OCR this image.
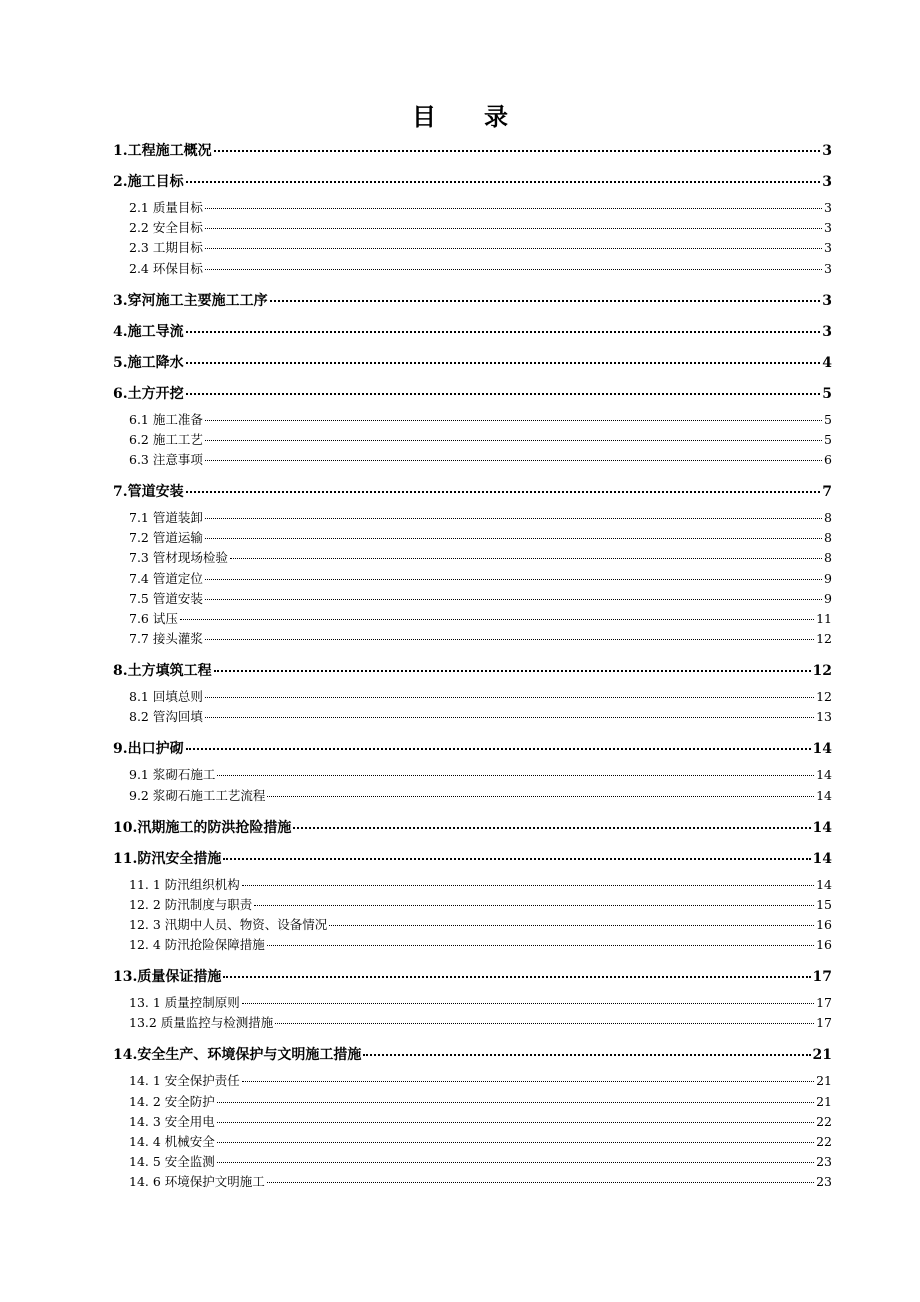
目 录
1.工程施工概况	3
2.施工目标	3
2.1 质量目标	3
2.2 安全目标	3
2.3 工期目标	3
2.4 环保目标	3
3.穿河施工主要施工工序	3
4.施工导流	3
5.施工降水	4
6.土方开挖	5
6.1 施工准备	5
6.2 施工工艺	5
6.3 注意事项	6
7.管道安装	7
7.1 管道装卸	8
7.2 管道运输	8
7.3 管材现场检验	8
7.4 管道定位	9
7.5 管道安装	9
7.6 试压	11
7.7 接头灌浆	12
8.土方填筑工程	12
8.1 回填总则	12
8.2 管沟回填	13
9.出口护砌	14
9.1 浆砌石施工	14
9.2 浆砌石施工工艺流程	14
10.汛期施工的防洪抢险措施	14
11.防汛安全措施	14
11. 1 防汛组织机构	14
12. 2 防汛制度与职责	15
12. 3 汛期中人员、物资、设备情况	16
12. 4 防汛抢险保障措施	16
13.质量保证措施	17
13. 1 质量控制原则	17
13.2 质量监控与检测措施	17
14.安全生产、环境保护与文明施工措施	21
14. 1 安全保护责任	21
14. 2 安全防护	21
14. 3 安全用电	22
14. 4 机械安全	22
14. 5 安全监测	23
14. 6 环境保护文明施工	23
